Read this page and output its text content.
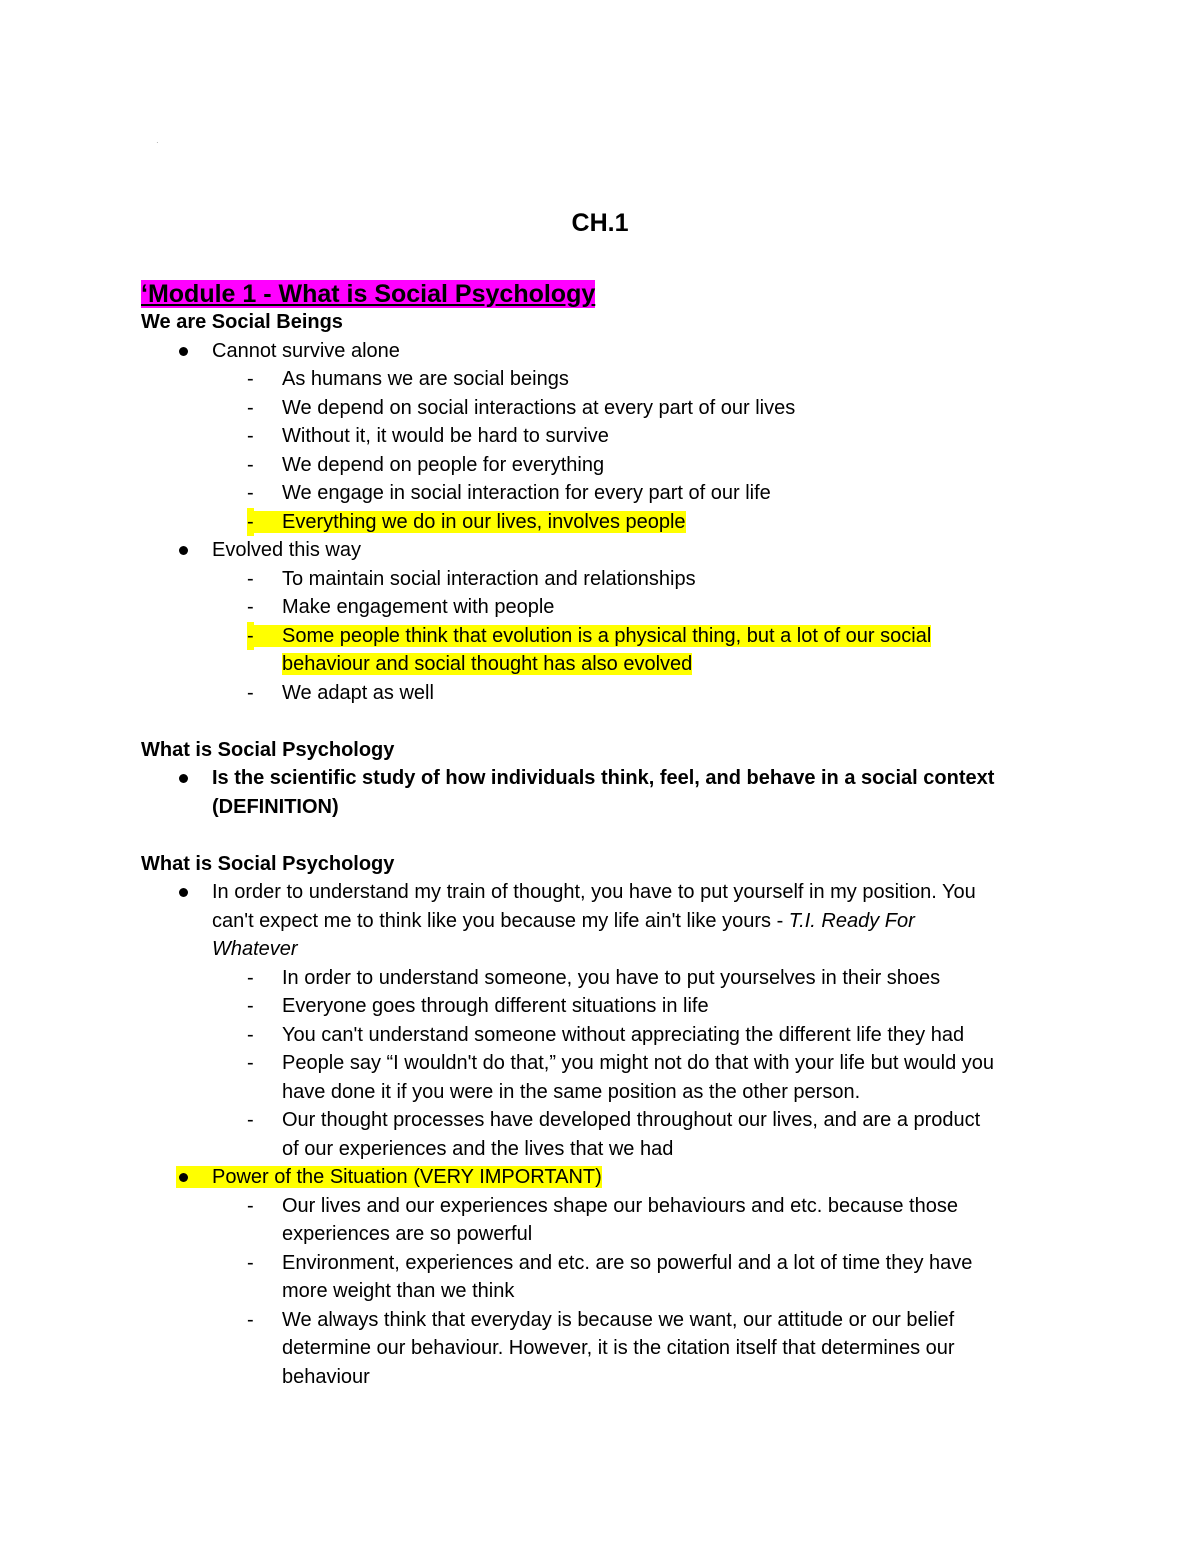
·
CH.1
‘Module 1 - What is Social Psychology
We are Social Beings
Cannot survive alone
- As humans we are social beings
- We depend on social interactions at every part of our lives
- Without it, it would be hard to survive
- We depend on people for everything
- We engage in social interaction for every part of our life
- Everything we do in our lives, involves people
Evolved this way
- To maintain social interaction and relationships
- Make engagement with people
- Some people think that evolution is a physical thing, but a lot of our social
behaviour and social thought has also evolved
- We adapt as well
What is Social Psychology
Is the scientific study of how individuals think, feel, and behave in a social context
(DEFINITION)
What is Social Psychology
In order to understand my train of thought, you have to put yourself in my position. You
can't expect me to think like you because my life ain't like yours - T.I. Ready For
Whatever
- In order to understand someone, you have to put yourselves in their shoes
- Everyone goes through different situations in life
- You can't understand someone without appreciating the different life they had
- People say “I wouldn't do that,” you might not do that with your life but would you
have done it if you were in the same position as the other person.
- Our thought processes have developed throughout our lives, and are a product
of our experiences and the lives that we had
Power of the Situation (VERY IMPORTANT)
- Our lives and our experiences shape our behaviours and etc. because those
experiences are so powerful
- Environment, experiences and etc. are so powerful and a lot of time they have
more weight than we think
- We always think that everyday is because we want, our attitude or our belief
determine our behaviour. However, it is the citation itself that determines our
behaviour
